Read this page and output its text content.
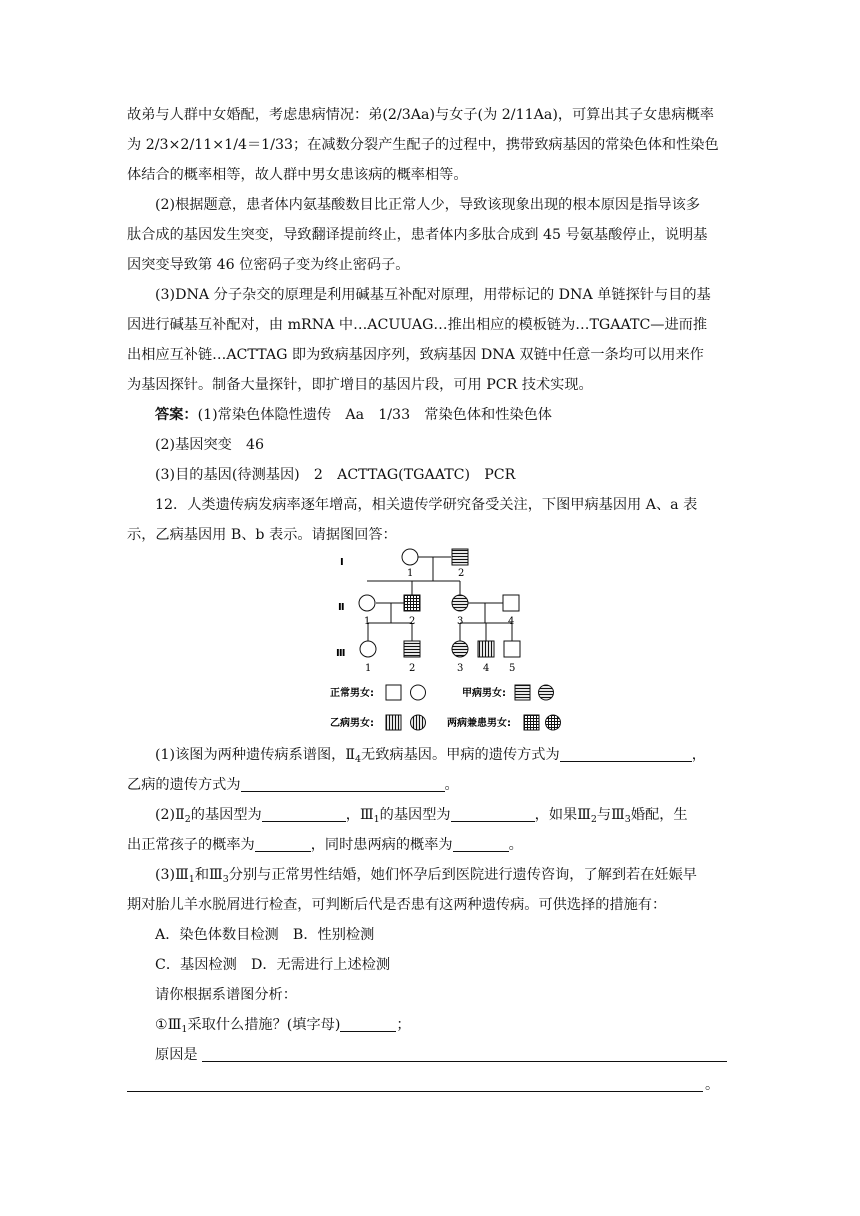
故弟与人群中女婚配，考虑患病情况：弟(2/3Aa)与女子(为 2/11Aa)，可算出其子女患病概率
为 2/3×2/11×1/4＝1/33；在减数分裂产生配子的过程中，携带致病基因的常染色体和性染色
体结合的概率相等，故人群中男女患该病的概率相等。
(2)根据题意，患者体内氨基酸数目比正常人少，导致该现象出现的根本原因是指导该多
肽合成的基因发生突变，导致翻译提前终止，患者体内多肽合成到 45 号氨基酸停止，说明基
因突变导致第 46 位密码子变为终止密码子。
(3)DNA 分子杂交的原理是利用碱基互补配对原理，用带标记的 DNA 单链探针与目的基
因进行碱基互补配对，由 mRNA 中…ACUUAG…推出相应的模板链为…TGAATC—进而推
出相应互补链…ACTTAG 即为致病基因序列，致病基因 DNA 双链中任意一条均可以用来作
为基因探针。制备大量探针，即扩增目的基因片段，可用 PCR 技术实现。
答案：(1)常染色体隐性遗传　Aa　1/33　常染色体和性染色体
(2)基因突变　46
(3)目的基因(待测基因)　2　ACTTAG(TGAATC)　PCR
12．人类遗传病发病率逐年增高，相关遗传学研究备受关注，下图甲病基因用 A、a 表
示，乙病基因用 B、b 表示。请据图回答：
Ⅰ
Ⅱ
Ⅲ
1	2
1	2	3	4
1	2	3 4 5
正常男女:	甲病男女:
乙病男女:	两病兼患男女:
(1)该图为两种遗传病系谱图，$Ⅱ_4$无致病基因。甲病的遗传方式为	，
乙病的遗传方式为	。
$(2)Ⅱ_2$的基因型为	，$Ⅲ_1$的基因型为	，如果$Ⅲ_2$与$Ⅲ_3$婚配，生
出正常孩子的概率为	，同时患两病的概率为	。
$(3)Ⅲ_1$和$Ⅲ_3$分别与正常男性结婚，她们怀孕后到医院进行遗传咨询，了解到若在妊娠早
期对胎儿羊水脱屑进行检查，可判断后代是否患有这两种遗传病。可供选择的措施有：
A．染色体数目检测　B．性别检测
C．基因检测　D．无需进行上述检测
请你根据系谱图分析：
$①Ⅲ_1$采取什么措施？(填字母)	；
原因是
。
